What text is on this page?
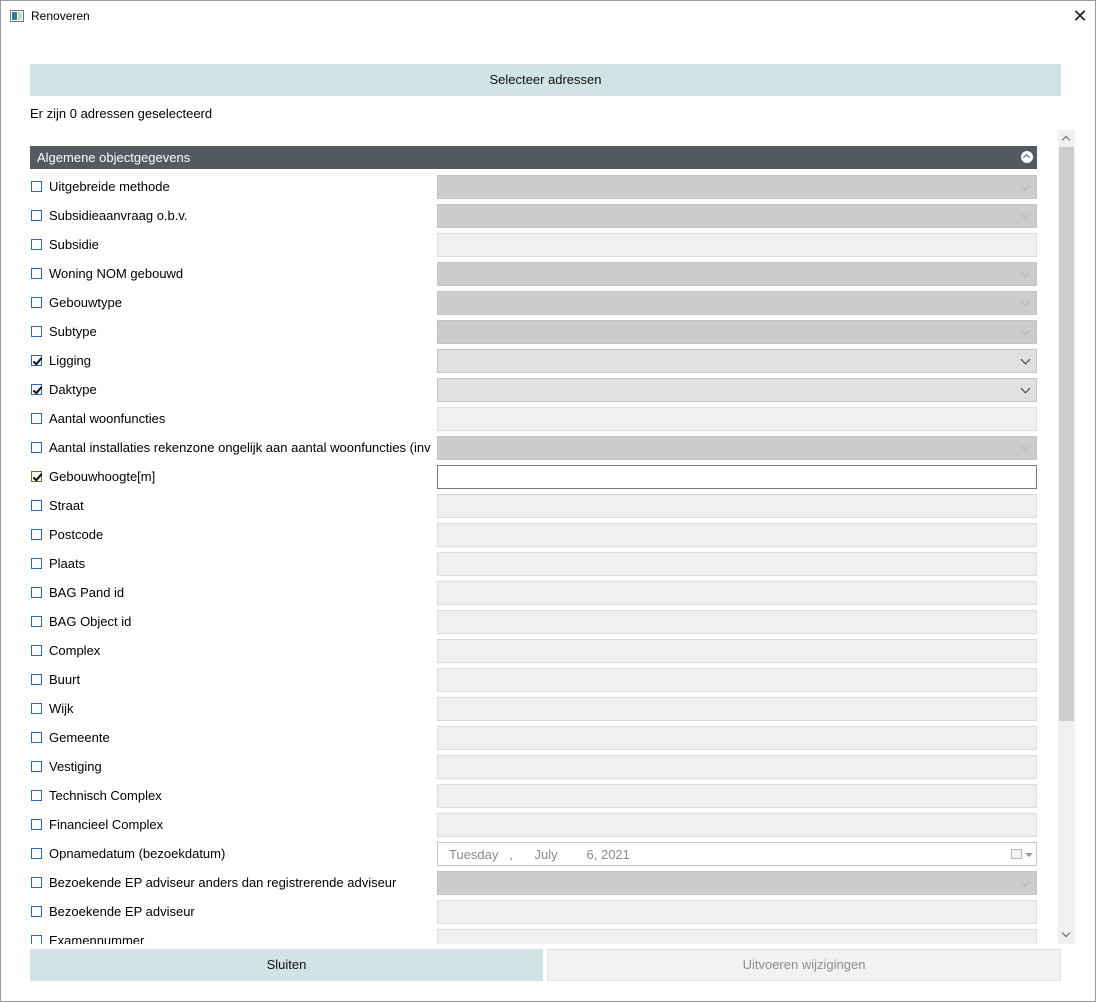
Renoveren	✕
Selecteer adressen
Er zijn 0 adressen geselecteerd
Algemene objectgegevens
Uitgebreide methode
Subsidieaanvraag o.b.v.
Subsidie
Woning NOM gebouwd
Gebouwtype
Subtype
Ligging
Daktype
Aantal woonfuncties
Aantal installaties rekenzone ongelijk aan aantal woonfuncties (inv
Gebouwhoogte[m]
Straat
Postcode
Plaats
BAG Pand id
BAG Object id
Complex
Buurt
Wijk
Gemeente
Vestiging
Technisch Complex
Financieel Complex
Opnamedatum (bezoekdatum)	Tuesday   ,      July        6, 2021
Bezoekende EP adviseur anders dan registrerende adviseur
Bezoekende EP adviseur
Examennummer
Sluiten	Uitvoeren wijzigingen
